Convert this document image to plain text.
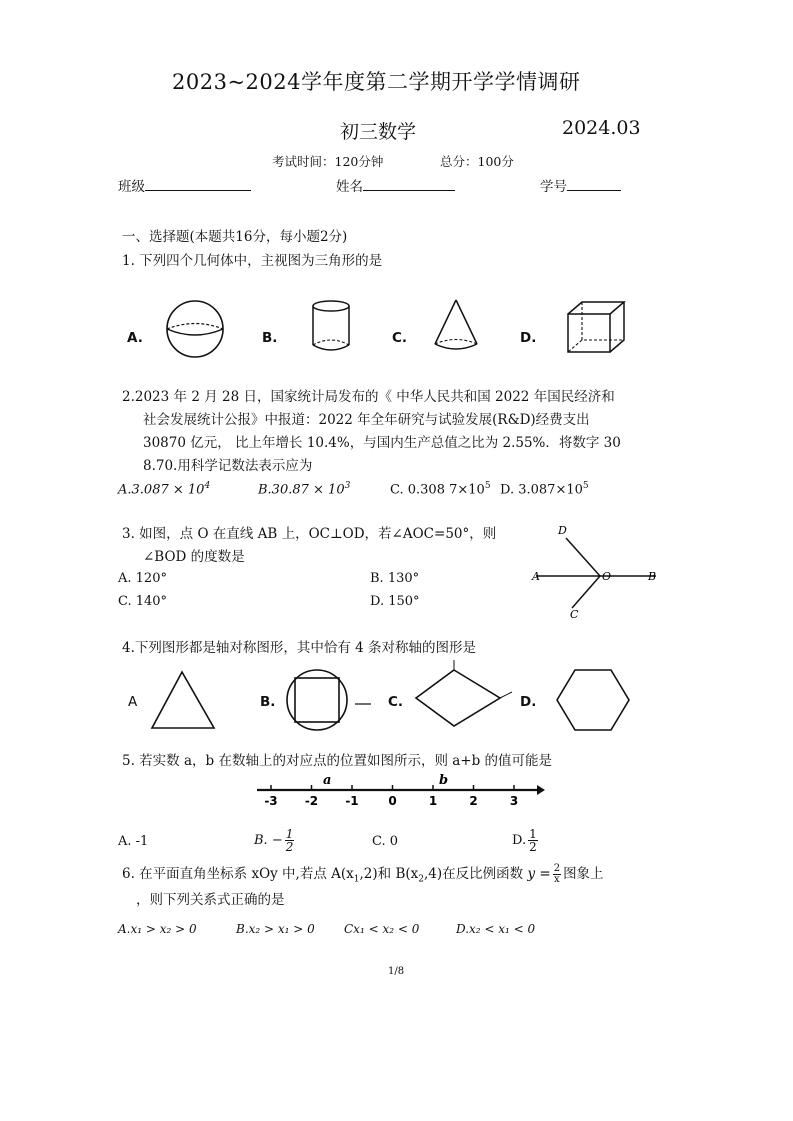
2023~2024学年度第二学期开学学情调研
初三数学	2024.03
考试时间：120分钟	总分：100分
班级	姓名	学号
一、选择题(本题共16分，每小题2分)
1. 下列四个几何体中，主视图为三角形的是
A.	B.	C.	D.
2.2023 年 2 月 28 日，国家统计局发布的《 中华人民共和国 2022 年国民经济和
社会发展统计公报》中报道：2022 年全年研究与试验发展(R&D)经费支出
30870 亿元， 比上年增长 10.4%，与国内生产总值之比为 2.55%．将数字 30
8.70.用科学记数法表示应为
$A.3.087 \times 10^4$	$B.30.87 \times 10^3$	C. 0.308 $7\times 10^5$ D. $3.087\times 10^5$
3. 如图，点 O 在直线 AB 上，OC⊥OD，若∠AOC=50°，则
∠BOD 的度数是
A. 120°	B. 130°
C. 140°	D. 150°
D
A	O	B
C
4.下列图形都是轴对称图形，其中恰有 4 条对称轴的图形是
A	B.	C.	D.
5. 若实数 a，b 在数轴上的对应点的位置如图所示，则 a+b 的值可能是
-3 -2 -1 0	1	2	3
a	b
A. -1	B. − $\frac{1}{2}$	C. 0	D. $\frac{1}{2}$
6. 在平面直角坐标系 xOy 中,若点 $A(x_1,2)$和 $B(x_2,4)$在反比例函数 $y = \frac{2}{x}$ 图象上
，则下列关系式正确的是
A.x₁ > x₂ > 0	B.x₂ > x₁ > 0 Cx₁ < x₂ < 0	D.x₂ < x₁ < 0
1/8
